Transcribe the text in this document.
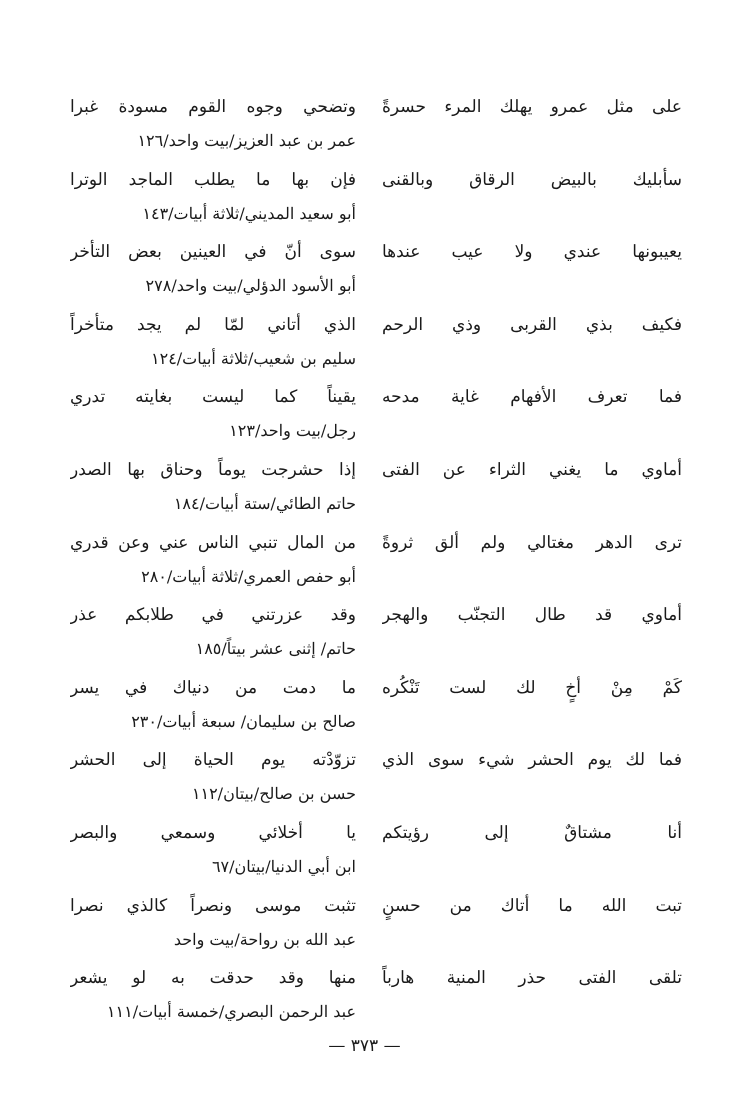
على مثل عمرو يهلك المرء حسرةً
وتضحي وجوه القوم مسودة غبرا
عمر بن عبد العزيز/بيت واحد/١٢٦
سأبليك بالبيض الرقاق وبالقنى
فإن بها ما يطلب الماجد الوترا
أبو سعيد المديني/ثلاثة أبيات/١٤٣
يعيبونها عندي ولا عيب عندها
سوى أنّ في العينين بعض التأخر
أبو الأسود الدؤلي/بيت واحد/٢٧٨
فكيف بذي القربى وذي الرحم
الذي أتاني لمّا لم يجد متأخراً
سليم بن شعيب/ثلاثة أبيات/١٢٤
فما تعرف الأفهام غاية مدحه
يقيناً كما ليست بغايته تدري
رجل/بيت واحد/١٢٣
أماوي ما يغني الثراء عن الفتى
إذا حشرجت يوماً وحناق بها الصدر
حاتم الطائي/ستة أبيات/١٨٤
ترى الدهر مغتالي ولم ألق ثروةً
من المال تنبي الناس عني وعن قدري
أبو حفص العمري/ثلاثة أبيات/٢٨٠
أماوي قد طال التجنّب والهجر
وقد عزرتني في طلابكم عذر
حاتم/ إثنى عشر بيتاً/١٨٥
كَمْ مِنْ أخٍ لك لست تَنْكُره
ما دمت من دنياك في يسر
صالح بن سليمان/ سبعة أبيات/٢٣٠
فما لك يوم الحشر شيء سوى الذي
تزوّدْته يوم الحياة إلى الحشر
حسن بن صالح/بيتان/١١٢
أنا مشتاقٌ إلى رؤيتكم
يا أخلائي وسمعي والبصر
ابن أبي الدنيا/بيتان/٦٧
تبت الله ما أتاك من حسنٍ
تثبت موسى ونصراً كالذي نصرا
عبد الله بن رواحة/بيت واحد
تلقى الفتى حذر المنية هارباً
منها وقد حدقت به لو يشعر
عبد الرحمن البصري/خمسة أبيات/١١١
— ٣٧٣ —
